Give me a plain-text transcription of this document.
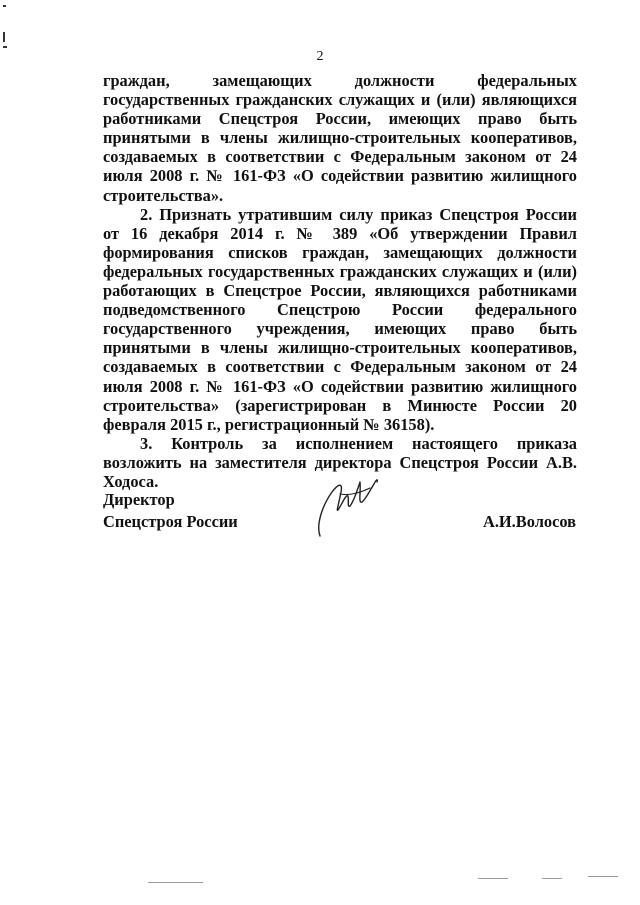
2

граждан, замещающих должности федеральных государственных гражданских служащих и (или) являющихся работниками Спецстроя России, имеющих право быть принятыми в члены жилищно-строительных кооперативов, создаваемых в соответствии с Федеральным законом от 24 июля 2008 г. № 161-ФЗ «О содействии развитию жилищного строительства».

2. Признать утратившим силу приказ Спецстроя России от 16 декабря 2014 г. № 389 «Об утверждении Правил формирования списков граждан, замещающих должности федеральных государственных гражданских служащих и (или) работающих в Спецстрое России, являющихся работниками подведомственного Спецстрою России федерального государственного учреждения, имеющих право быть принятыми в члены жилищно-строительных кооперативов, создаваемых в соответствии с Федеральным законом от 24 июля 2008 г. № 161-ФЗ «О содействии развитию жилищного строительства» (зарегистрирован в Минюсте России 20 февраля 2015 г., регистрационный № 36158).

3. Контроль за исполнением настоящего приказа возложить на заместителя директора Спецстроя России А.В. Ходоса.

Директор
Спецстроя России	А.И.Волосов
